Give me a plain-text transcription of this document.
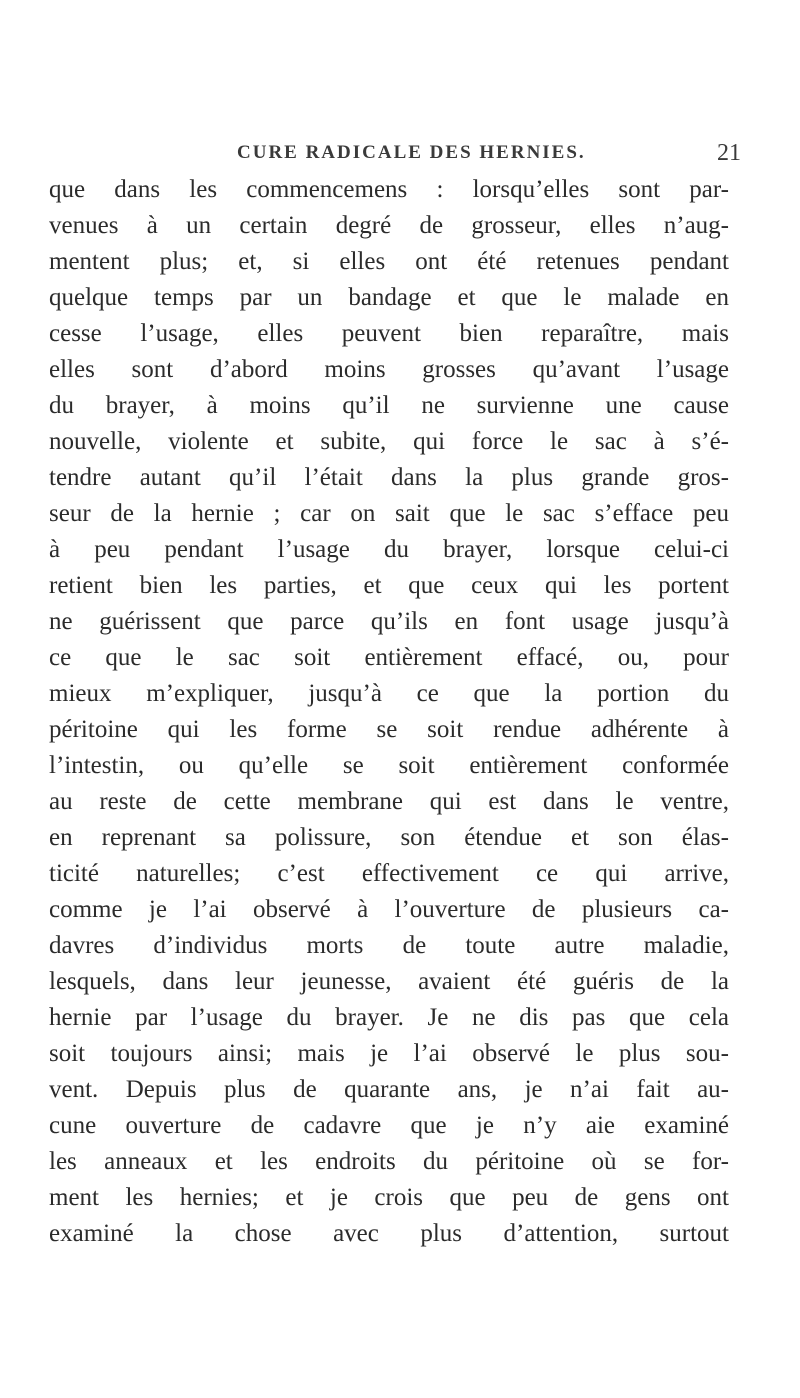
CURE RADICALE DES HERNIES.	21
que dans les commencemens : lorsqu’elles sont par-
venues à un certain degré de grosseur, elles n’aug-
mentent plus; et, si elles ont été retenues pendant
quelque temps par un bandage et que le malade en
cesse l’usage, elles peuvent bien reparaître, mais
elles sont d’abord moins grosses qu’avant l’usage
du brayer, à moins qu’il ne survienne une cause
nouvelle, violente et subite, qui force le sac à s’é-
tendre autant qu’il l’était dans la plus grande gros-
seur de la hernie ; car on sait que le sac s’efface peu
à peu pendant l’usage du brayer, lorsque celui-ci
retient bien les parties, et que ceux qui les portent
ne guérissent que parce qu’ils en font usage jusqu’à
ce que le sac soit entièrement effacé, ou, pour
mieux m’expliquer, jusqu’à ce que la portion du
péritoine qui les forme se soit rendue adhérente à
l’intestin, ou qu’elle se soit entièrement conformée
au reste de cette membrane qui est dans le ventre,
en reprenant sa polissure, son étendue et son élas-
ticité naturelles; c’est effectivement ce qui arrive,
comme je l’ai observé à l’ouverture de plusieurs ca-
davres d’individus morts de toute autre maladie,
lesquels, dans leur jeunesse, avaient été guéris de la
hernie par l’usage du brayer. Je ne dis pas que cela
soit toujours ainsi; mais je l’ai observé le plus sou-
vent. Depuis plus de quarante ans, je n’ai fait au-
cune ouverture de cadavre que je n’y aie examiné
les anneaux et les endroits du péritoine où se for-
ment les hernies; et je crois que peu de gens ont
examiné la chose avec plus d’attention, surtout
